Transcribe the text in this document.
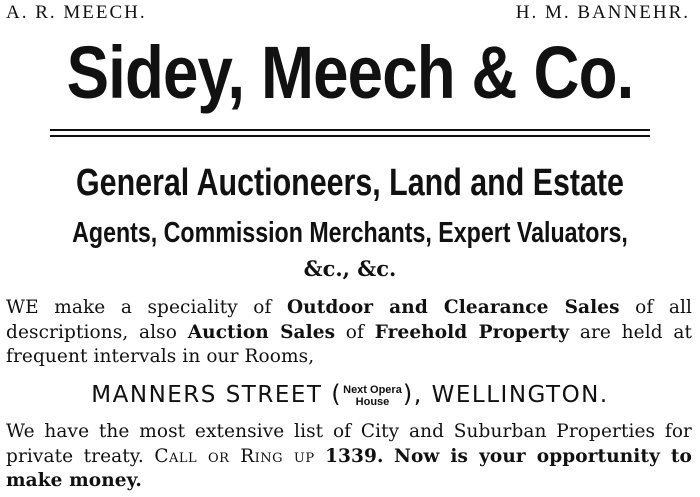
A. R. MEECH.	H. M. BANNEHR.
Sidey, Meech & Co.
General Auctioneers, Land and Estate
Agents, Commission Merchants, Expert Valuators,
&c., &c.
WE make a speciality of Outdoor and Clearance Sales of all descriptions, also Auction Sales of Freehold Property are held at frequent intervals in our Rooms,
MANNERS STREET ( Next Opera
House ), WELLINGTON.
We have the most extensive list of City and Suburban Properties for private treaty. Call or Ring up 1339. Now is your opportunity to make money.
